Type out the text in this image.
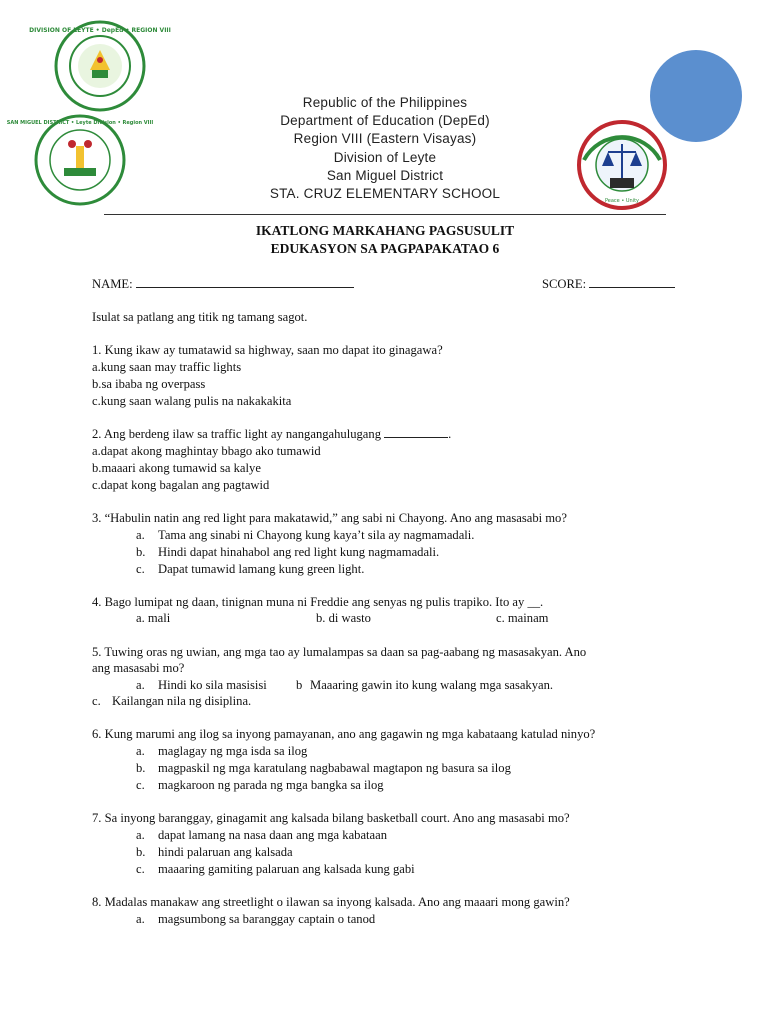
DIVISION OF LEYTE • DepEd • REGION VIII
SAN MIGUEL DISTRICT • Leyte Division • Region VIII
Peace • Unity
Republic of the Philippines
Department of Education (DepEd)
Region VIII (Eastern Visayas)
Division of Leyte
San Miguel District
STA. CRUZ ELEMENTARY SCHOOL
IKATLONG MARKAHANG PAGSUSULIT
EDUKASYON SA PAGPAPAKATAO 6
NAME:	SCORE:
Isulat sa patlang ang titik ng tamang sagot.
1. Kung ikaw ay tumatawid sa highway, saan mo dapat ito ginagawa?
a.kung saan may traffic lights
b.sa ibaba ng overpass
c.kung saan walang pulis na nakakakita
2. Ang berdeng ilaw sa traffic light ay nangangahulugang	.
a.dapat akong maghintay bbago ako tumawid
b.maaari akong tumawid sa kalye
c.dapat kong bagalan ang pagtawid
3. “Habulin natin ang red light para makatawid,” ang sabi ni Chayong. Ano ang masasabi mo?
a. Tama ang sinabi ni Chayong kung kaya’t sila ay nagmamadali.
b. Hindi dapat hinahabol ang red light kung nagmamadali.
c. Dapat tumawid lamang kung green light.
4. Bago lumipat ng daan, tinignan muna ni Freddie ang senyas ng pulis trapiko. Ito ay __.
a. mali	b. di wasto	c. mainam
5. Tuwing oras ng uwian, ang mga tao ay lumalampas sa daan sa pag-aabang ng masasakyan. Ano
ang masasabi mo?
a. Hindi ko sila masisisi b Maaaring gawin ito kung walang mga sasakyan.
c. Kailangan nila ng disiplina.
6. Kung marumi ang ilog sa inyong pamayanan, ano ang gagawin ng mga kabataang katulad ninyo?
a. maglagay ng mga isda sa ilog
b. magpaskil ng mga karatulang nagbabawal magtapon ng basura sa ilog
c. magkaroon ng parada ng mga bangka sa ilog
7. Sa inyong baranggay, ginagamit ang kalsada bilang basketball court. Ano ang masasabi mo?
a. dapat lamang na nasa daan ang mga kabataan
b. hindi palaruan ang kalsada
c. maaaring gamiting palaruan ang kalsada kung gabi
8. Madalas manakaw ang streetlight o ilawan sa inyong kalsada. Ano ang maaari mong gawin?
a. magsumbong sa baranggay captain o tanod
